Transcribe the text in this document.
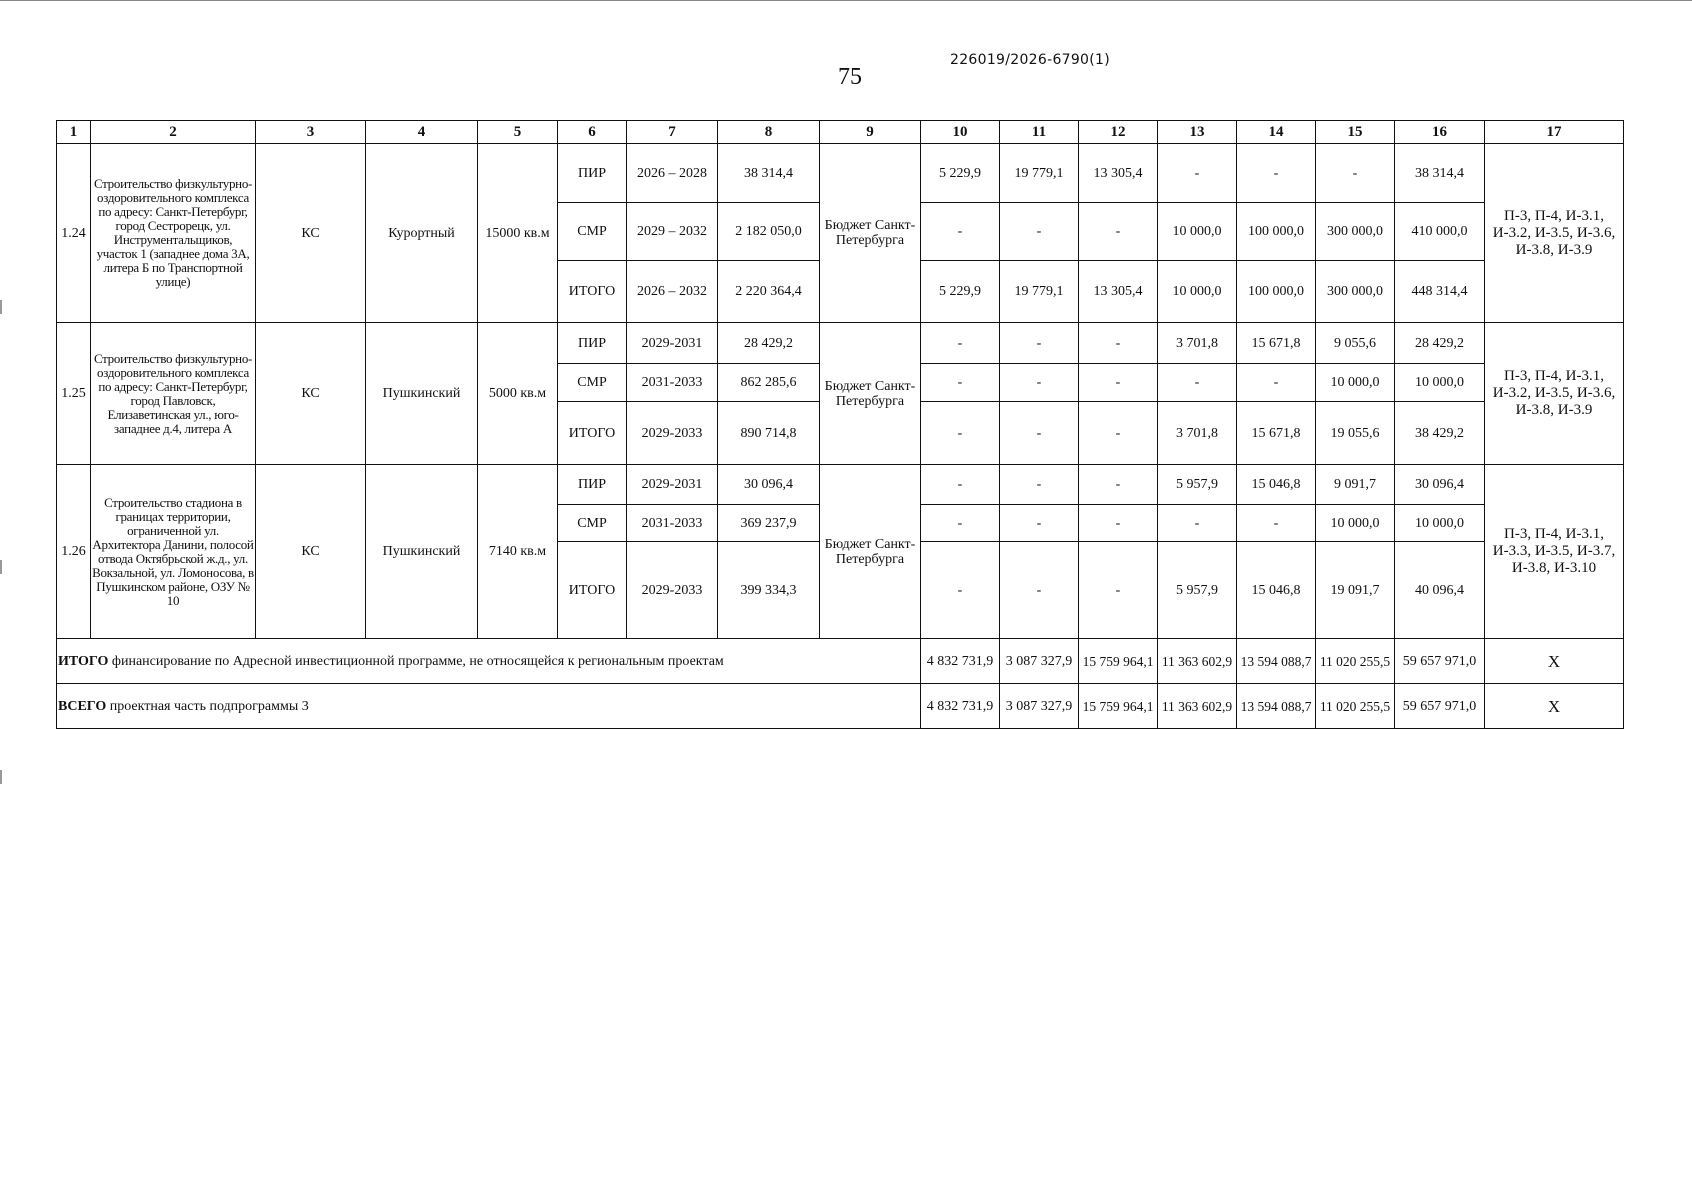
226019/2026-6790(1)
75
1	2	3	4	5	6	7	8	9	10	11	12	13	14	15	16	17
1.24	Строительство физкультурно-оздоровительного комплекса по адресу: Санкт-Петербург, город Сестрорецк, ул. Инструментальщиков, участок 1 (западнее дома 3А, литера Б по Транспортной улице)	КС	Курортный	15000 кв.м	ПИР	2026 – 2028	38 314,4	Бюджет Санкт-Петербурга	5 229,9	19 779,1	13 305,4	-	-	-	38 314,4	П-3, П-4, И-3.1, И-3.2, И-3.5, И-3.6, И-3.8, И-3.9
					СМР	2029 – 2032	2 182 050,0		-	-	-	10 000,0	100 000,0	300 000,0	410 000,0	
					ИТОГО	2026 – 2032	2 220 364,4		5 229,9	19 779,1	13 305,4	10 000,0	100 000,0	300 000,0	448 314,4	
1.25	Строительство физкультурно-оздоровительного комплекса по адресу: Санкт-Петербург, город Павловск, Елизаветинская ул., юго-западнее д.4, литера А	КС	Пушкинский	5000 кв.м	ПИР	2029-2031	28 429,2	Бюджет Санкт-Петербурга	-	-	-	3 701,8	15 671,8	9 055,6	28 429,2	П-3, П-4, И-3.1, И-3.2, И-3.5, И-3.6, И-3.8, И-3.9
					СМР	2031-2033	862 285,6		-	-	-	-	-	10 000,0	10 000,0	
					ИТОГО	2029-2033	890 714,8		-	-	-	3 701,8	15 671,8	19 055,6	38 429,2	
1.26	Строительство стадиона в границах территории, ограниченной ул. Архитектора Данини, полосой отвода Октябрьской ж.д., ул. Вокзальной, ул. Ломоносова, в Пушкинском районе, ОЗУ № 10	КС	Пушкинский	7140 кв.м	ПИР	2029-2031	30 096,4	Бюджет Санкт-Петербурга	-	-	-	5 957,9	15 046,8	9 091,7	30 096,4	П-3, П-4, И-3.1, И-3.3, И-3.5, И-3.7, И-3.8, И-3.10
					СМР	2031-2033	369 237,9		-	-	-	-	-	10 000,0	10 000,0	
					ИТОГО	2029-2033	399 334,3		-	-	-	5 957,9	15 046,8	19 091,7	40 096,4	
ИТОГО финансирование по Адресной инвестиционной программе, не относящейся к региональным проектам									4 832 731,9	3 087 327,9	15 759 964,1	11 363 602,9	13 594 088,7	11 020 255,5	59 657 971,0	Х
ВСЕГО проектная часть подпрограммы 3									4 832 731,9	3 087 327,9	15 759 964,1	11 363 602,9	13 594 088,7	11 020 255,5	59 657 971,0	Х
